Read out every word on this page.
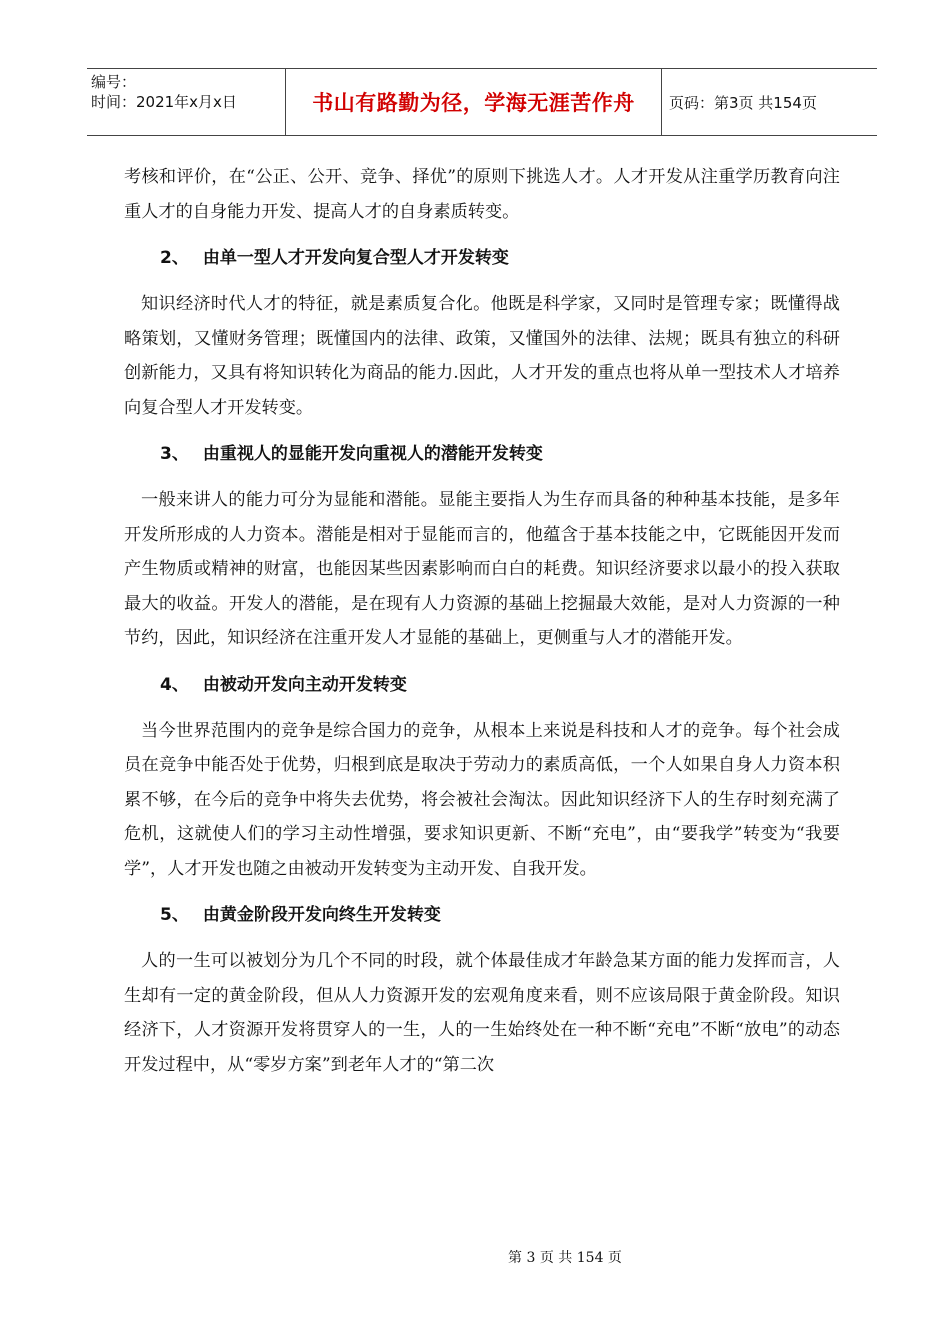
编号：
时间：2021年x月x日	书山有路勤为径，学海无涯苦作舟	页码：第3页 共154页

考核和评价，在“公正、公开、竞争、择优”的原则下挑选人才。人才开发从注重学历教育向注重人才的自身能力开发、提高人才的自身素质转变。

2、 由单一型人才开发向复合型人才开发转变

知识经济时代人才的特征，就是素质复合化。他既是科学家，又同时是管理专家；既懂得战略策划，又懂财务管理；既懂国内的法律、政策，又懂国外的法律、法规；既具有独立的科研创新能力，又具有将知识转化为商品的能力.因此，人才开发的重点也将从单一型技术人才培养向复合型人才开发转变。

3、 由重视人的显能开发向重视人的潜能开发转变

一般来讲人的能力可分为显能和潜能。显能主要指人为生存而具备的种种基本技能，是多年开发所形成的人力资本。潜能是相对于显能而言的，他蕴含于基本技能之中，它既能因开发而产生物质或精神的财富，也能因某些因素影响而白白的耗费。知识经济要求以最小的投入获取最大的收益。开发人的潜能，是在现有人力资源的基础上挖掘最大效能，是对人力资源的一种节约，因此，知识经济在注重开发人才显能的基础上，更侧重与人才的潜能开发。

4、 由被动开发向主动开发转变

当今世界范围内的竞争是综合国力的竞争，从根本上来说是科技和人才的竞争。每个社会成员在竞争中能否处于优势，归根到底是取决于劳动力的素质高低，一个人如果自身人力资本积累不够，在今后的竞争中将失去优势，将会被社会淘汰。因此知识经济下人的生存时刻充满了危机，这就使人们的学习主动性增强，要求知识更新、不断“充电”，由“要我学”转变为“我要学”，人才开发也随之由被动开发转变为主动开发、自我开发。

5、 由黄金阶段开发向终生开发转变

人的一生可以被划分为几个不同的时段，就个体最佳成才年龄急某方面的能力发挥而言，人生却有一定的黄金阶段，但从人力资源开发的宏观角度来看，则不应该局限于黄金阶段。知识经济下，人才资源开发将贯穿人的一生，人的一生始终处在一种不断“充电”不断“放电”的动态开发过程中，从“零岁方案”到老年人才的“第二次

第 3 页 共 154 页
